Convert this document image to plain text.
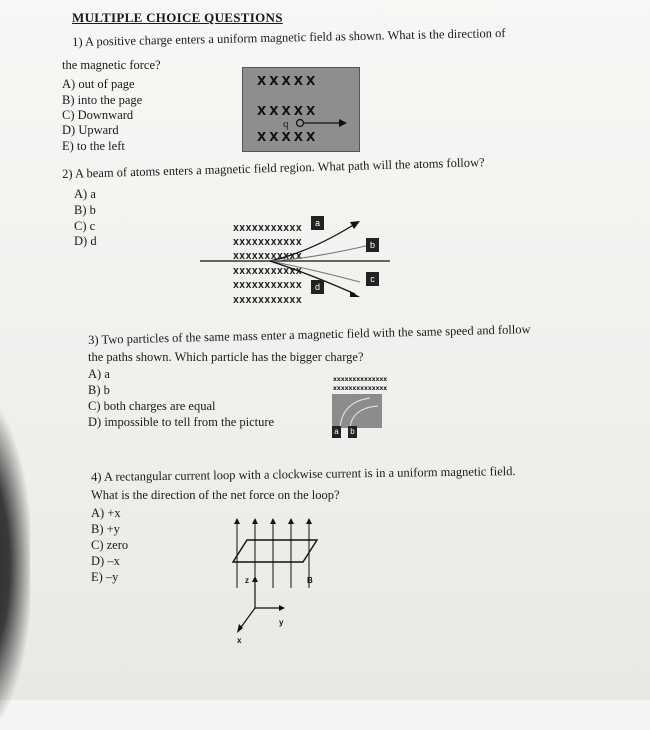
MULTIPLE CHOICE QUESTIONS
1) A positive charge enters a uniform magnetic field as shown. What is the direction of
the magnetic force?
A) out of page
B) into the page
C) Downward
D) Upward
E) to the left
XXXXX
XXXXX
XXXXX
q
2) A beam of atoms enters a magnetic field region. What path will the atoms follow?
A) a
B) b
C) c
D) d
XXXXXXXXXXX
XXXXXXXXXXX
XXXXXXXXXXX
XXXXXXXXXXX
XXXXXXXXXXX
XXXXXXXXXXX
a
b
c
d
3) Two particles of the same mass enter a magnetic field with the same speed and follow
the paths shown. Which particle has the bigger charge?
A) a
B) b
C) both charges are equal
D) impossible to tell from the picture
xxxxxxxxxxxxxx
xxxxxxxxxxxxxx
a b
4) A rectangular current loop with a clockwise current is in a uniform magnetic field.
What is the direction of the net force on the loop?
A) +x
B) +y
C) zero
D) –x
E) –y	z
y
x
B
